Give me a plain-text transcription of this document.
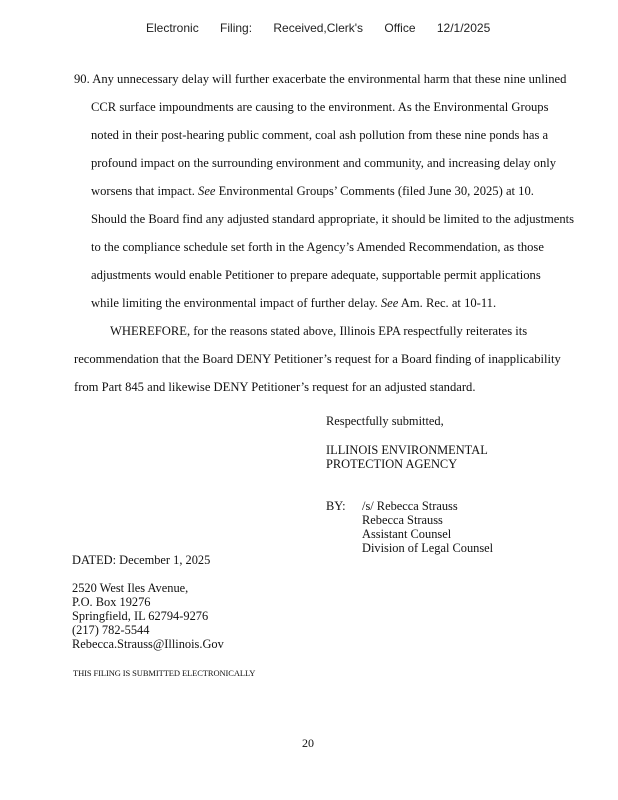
Electronic Filing: Received,Clerk's Office 12/1/2025
90. Any unnecessary delay will further exacerbate the environmental harm that these nine unlined
CCR surface impoundments are causing to the environment. As the Environmental Groups
noted in their post-hearing public comment, coal ash pollution from these nine ponds has a
profound impact on the surrounding environment and community, and increasing delay only
worsens that impact. See Environmental Groups’ Comments (filed June 30, 2025) at 10.
Should the Board find any adjusted standard appropriate, it should be limited to the adjustments
to the compliance schedule set forth in the Agency’s Amended Recommendation, as those
adjustments would enable Petitioner to prepare adequate, supportable permit applications
while limiting the environmental impact of further delay. See Am. Rec. at 10-11.
WHEREFORE, for the reasons stated above, Illinois EPA respectfully reiterates its
recommendation that the Board DENY Petitioner’s request for a Board finding of inapplicability
from Part 845 and likewise DENY Petitioner’s request for an adjusted standard.
Respectfully submitted,
ILLINOIS ENVIRONMENTAL
PROTECTION AGENCY
BY: /s/ Rebecca Strauss
Rebecca Strauss
Assistant Counsel
Division of Legal Counsel
DATED: December 1, 2025
2520 West Iles Avenue,
P.O. Box 19276
Springfield, IL 62794-9276
(217) 782-5544
Rebecca.Strauss@Illinois.Gov
THIS FILING IS SUBMITTED ELECTRONICALLY
20
